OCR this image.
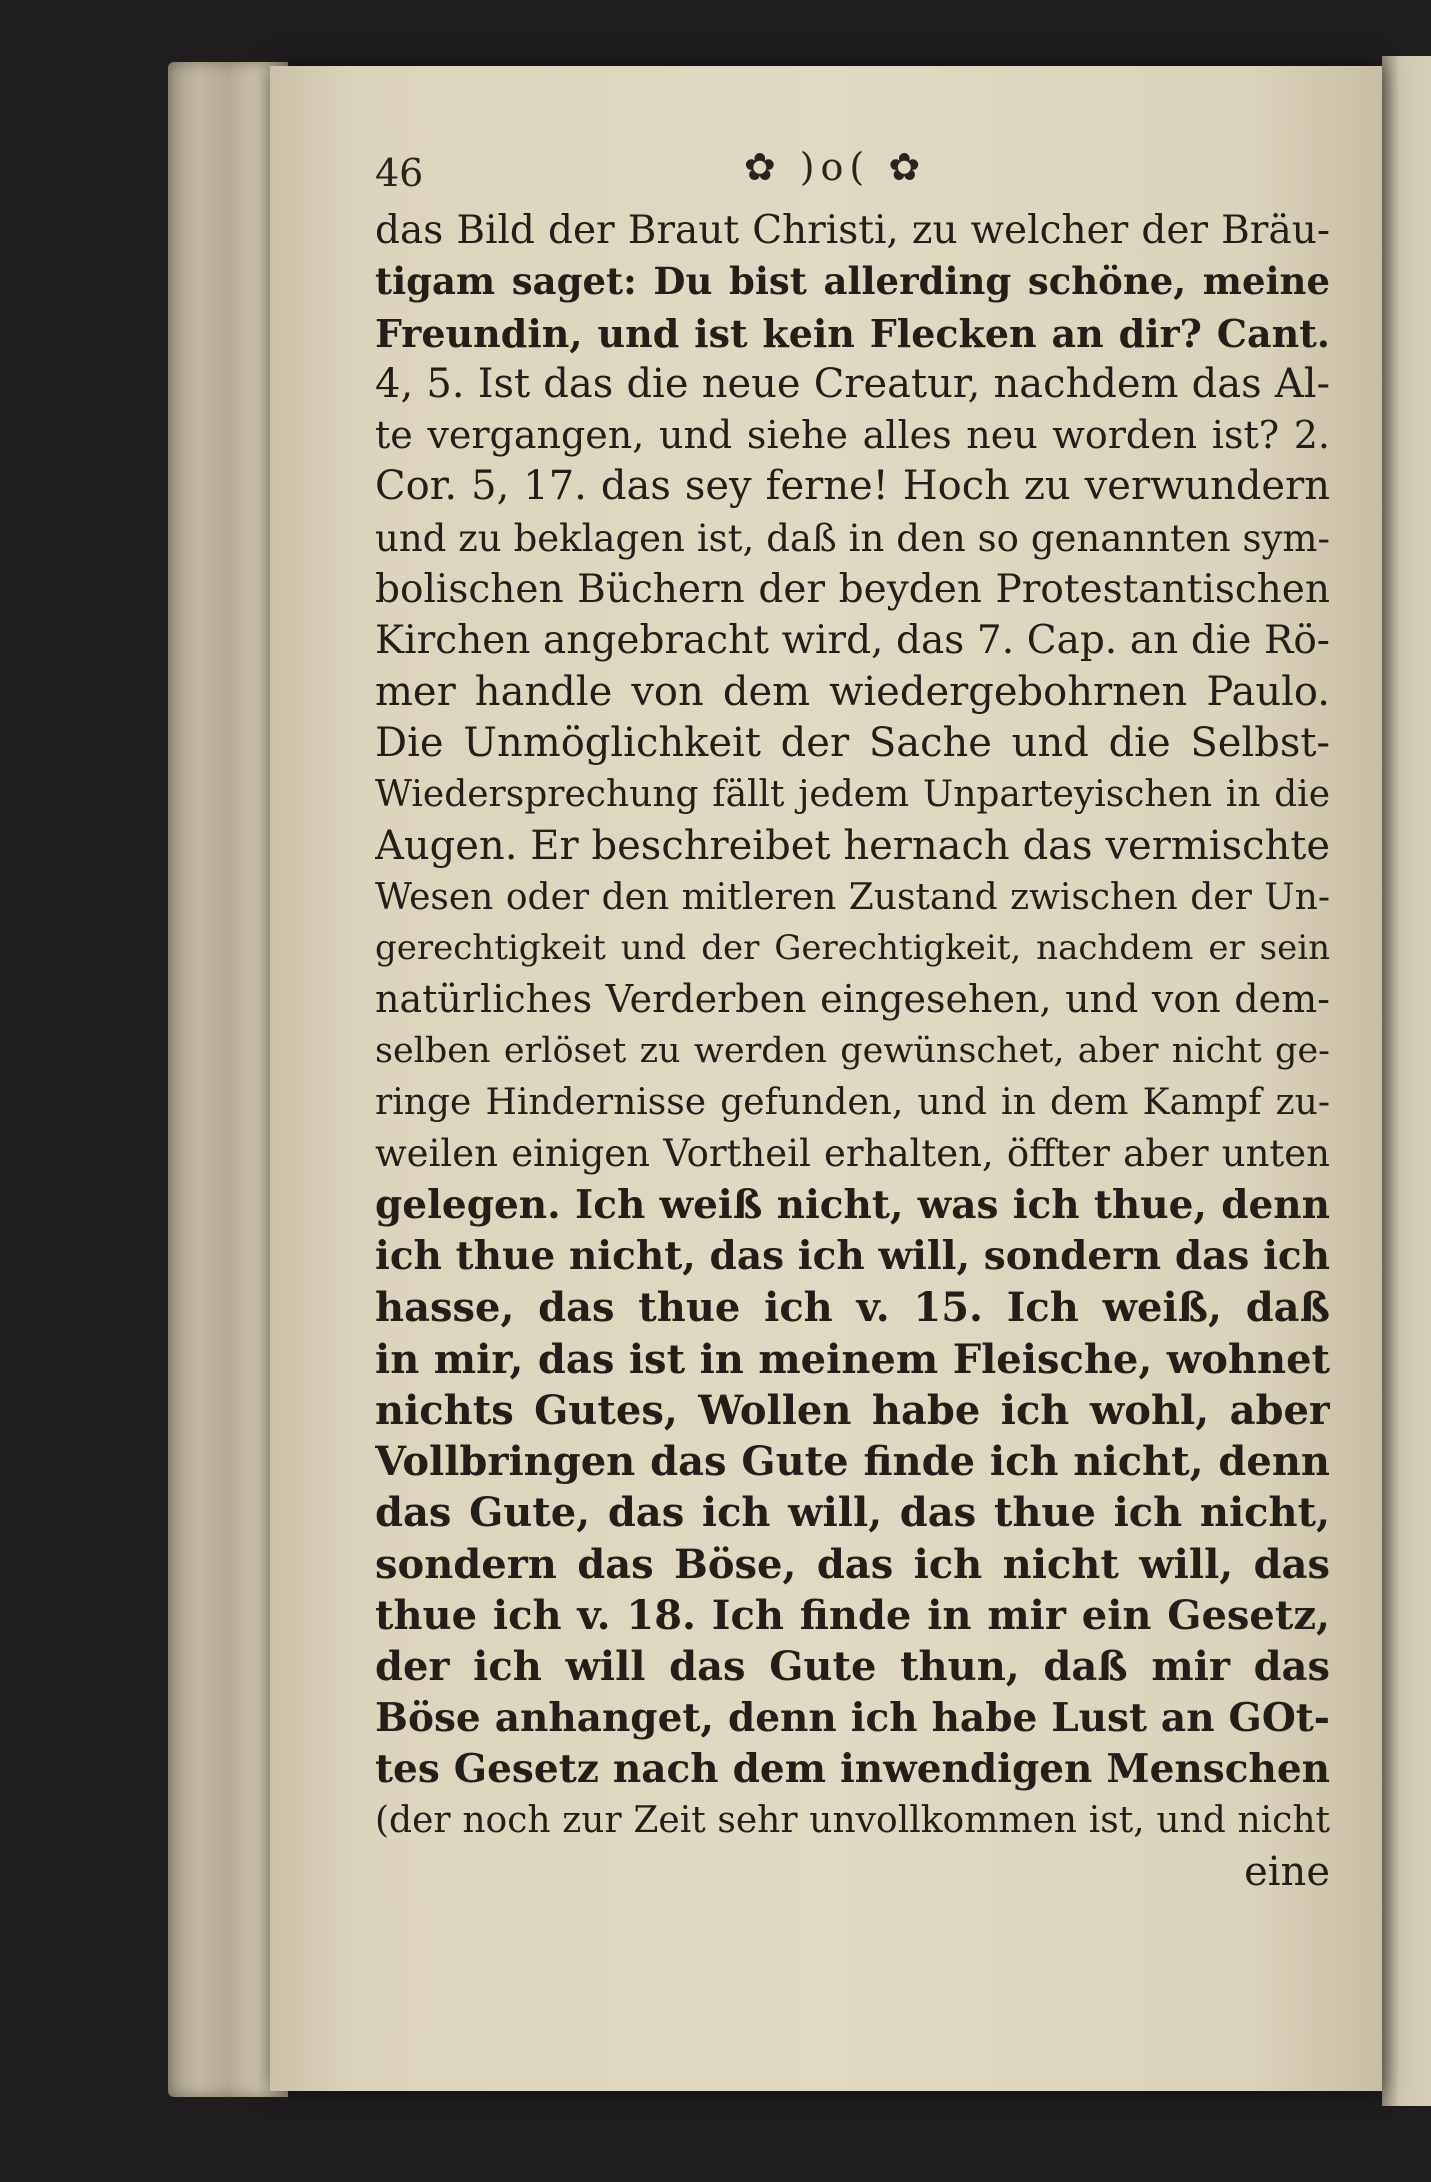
46	✿ )o( ✿
das Bild der Braut Christi, zu welcher der Bräu-
tigam saget: Du bist allerding schöne, meine
Freundin, und ist kein Flecken an dir? Cant.
4, 5. Ist das die neue Creatur, nachdem das Al-
te vergangen, und siehe alles neu worden ist? 2.
Cor. 5, 17. das sey ferne! Hoch zu verwundern
und zu beklagen ist, daß in den so genannten sym-
bolischen Büchern der beyden Protestantischen
Kirchen angebracht wird, das 7. Cap. an die Rö-
mer handle von dem wiedergebohrnen Paulo.
Die Unmöglichkeit der Sache und die Selbst-
Wiedersprechung fällt jedem Unparteyischen in die
Augen. Er beschreibet hernach das vermischte
Wesen oder den mitleren Zustand zwischen der Un-
gerechtigkeit und der Gerechtigkeit, nachdem er sein
natürliches Verderben eingesehen, und von dem-
selben erlöset zu werden gewünschet, aber nicht ge-
ringe Hindernisse gefunden, und in dem Kampf zu-
weilen einigen Vortheil erhalten, öffter aber unten
gelegen. Ich weiß nicht, was ich thue, denn
ich thue nicht, das ich will, sondern das ich
hasse, das thue ich v. 15. Ich weiß, daß
in mir, das ist in meinem Fleische, wohnet
nichts Gutes, Wollen habe ich wohl, aber
Vollbringen das Gute finde ich nicht, denn
das Gute, das ich will, das thue ich nicht,
sondern das Böse, das ich nicht will, das
thue ich v. 18. Ich finde in mir ein Gesetz,
der ich will das Gute thun, daß mir das
Böse anhanget, denn ich habe Lust an GOt-
tes Gesetz nach dem inwendigen Menschen
(der noch zur Zeit sehr unvollkommen ist, und nicht
eine
